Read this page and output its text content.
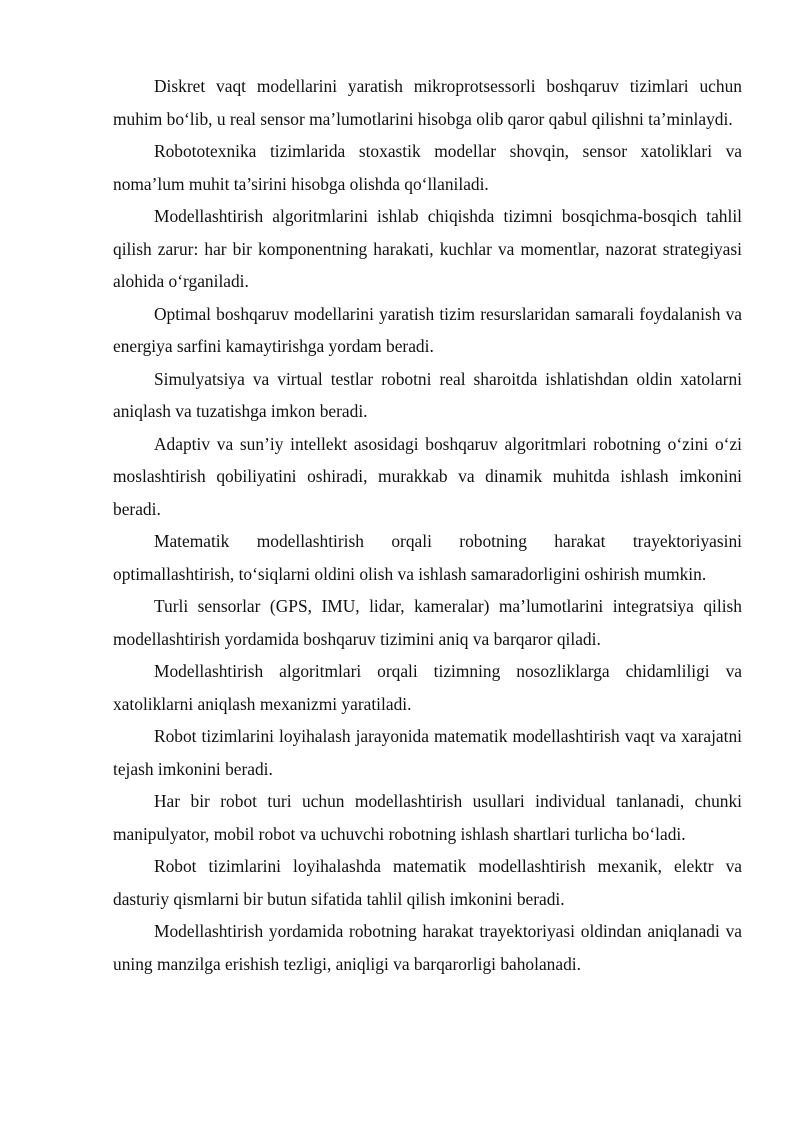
Diskret vaqt modellarini yaratish mikroprotsessorli boshqaruv tizimlari uchun muhim bo‘lib, u real sensor ma’lumotlarini hisobga olib qaror qabul qilishni ta’minlaydi.

Robototexnika tizimlarida stoxastik modellar shovqin, sensor xatoliklari va noma’lum muhit ta’sirini hisobga olishda qo‘llaniladi.

Modellashtirish algoritmlarini ishlab chiqishda tizimni bosqichma-bosqich tahlil qilish zarur: har bir komponentning harakati, kuchlar va momentlar, nazorat strategiyasi alohida o‘rganiladi.

Optimal boshqaruv modellarini yaratish tizim resurslaridan samarali foydalanish va energiya sarfini kamaytirishga yordam beradi.

Simulyatsiya va virtual testlar robotni real sharoitda ishlatishdan oldin xatolarni aniqlash va tuzatishga imkon beradi.

Adaptiv va sun’iy intellekt asosidagi boshqaruv algoritmlari robotning o‘zini o‘zi moslashtirish qobiliyatini oshiradi, murakkab va dinamik muhitda ishlash imkonini beradi.

Matematik modellashtirish orqali robotning harakat trayektoriyasini optimallashtirish, to‘siqlarni oldini olish va ishlash samaradorligini oshirish mumkin.

Turli sensorlar (GPS, IMU, lidar, kameralar) ma’lumotlarini integratsiya qilish modellashtirish yordamida boshqaruv tizimini aniq va barqaror qiladi.

Modellashtirish algoritmlari orqali tizimning nosozliklarga chidamliligi va xatoliklarni aniqlash mexanizmi yaratiladi.

Robot tizimlarini loyihalash jarayonida matematik modellashtirish vaqt va xarajatni tejash imkonini beradi.

Har bir robot turi uchun modellashtirish usullari individual tanlanadi, chunki manipulyator, mobil robot va uchuvchi robotning ishlash shartlari turlicha bo‘ladi.

Robot tizimlarini loyihalashda matematik modellashtirish mexanik, elektr va dasturiy qismlarni bir butun sifatida tahlil qilish imkonini beradi.

Modellashtirish yordamida robotning harakat trayektoriyasi oldindan aniqlanadi va uning manzilga erishish tezligi, aniqligi va barqarorligi baholanadi.
